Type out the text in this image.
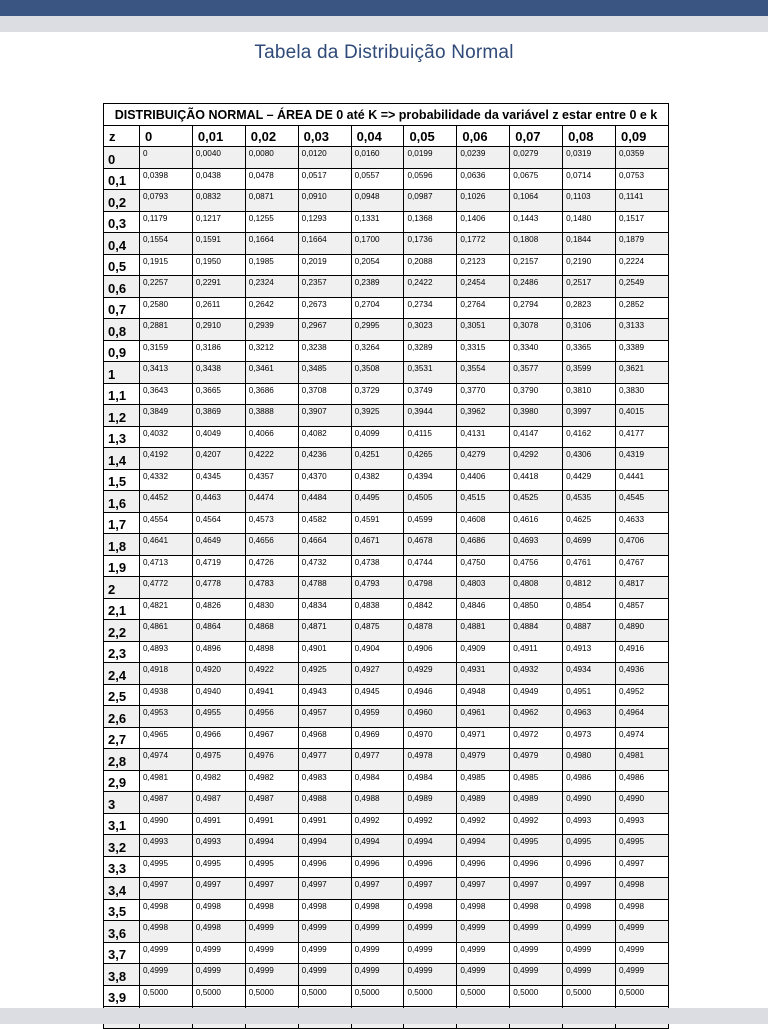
Tabela da Distribuição Normal
DISTRIBUIÇÃO NORMAL – ÁREA DE 0 até K => probabilidade da variável z estar entre 0 e k										
z	0	0,01	0,02	0,03	0,04	0,05	0,06	0,07	0,08	0,09
0	0	0,0040	0,0080	0,0120	0,0160	0,0199	0,0239	0,0279	0,0319	0,0359
0,1	0,0398	0,0438	0,0478	0,0517	0,0557	0,0596	0,0636	0,0675	0,0714	0,0753
0,2	0,0793	0,0832	0,0871	0,0910	0,0948	0,0987	0,1026	0,1064	0,1103	0,1141
0,3	0,1179	0,1217	0,1255	0,1293	0,1331	0,1368	0,1406	0,1443	0,1480	0,1517
0,4	0,1554	0,1591	0,1664	0,1664	0,1700	0,1736	0,1772	0,1808	0,1844	0,1879
0,5	0,1915	0,1950	0,1985	0,2019	0,2054	0,2088	0,2123	0,2157	0,2190	0,2224
0,6	0,2257	0,2291	0,2324	0,2357	0,2389	0,2422	0,2454	0,2486	0,2517	0,2549
0,7	0,2580	0,2611	0,2642	0,2673	0,2704	0,2734	0,2764	0,2794	0,2823	0,2852
0,8	0,2881	0,2910	0,2939	0,2967	0,2995	0,3023	0,3051	0,3078	0,3106	0,3133
0,9	0,3159	0,3186	0,3212	0,3238	0,3264	0,3289	0,3315	0,3340	0,3365	0,3389
1	0,3413	0,3438	0,3461	0,3485	0,3508	0,3531	0,3554	0,3577	0,3599	0,3621
1,1	0,3643	0,3665	0,3686	0,3708	0,3729	0,3749	0,3770	0,3790	0,3810	0,3830
1,2	0,3849	0,3869	0,3888	0,3907	0,3925	0,3944	0,3962	0,3980	0,3997	0,4015
1,3	0,4032	0,4049	0,4066	0,4082	0,4099	0,4115	0,4131	0,4147	0,4162	0,4177
1,4	0,4192	0,4207	0,4222	0,4236	0,4251	0,4265	0,4279	0,4292	0,4306	0,4319
1,5	0,4332	0,4345	0,4357	0,4370	0,4382	0,4394	0,4406	0,4418	0,4429	0,4441
1,6	0,4452	0,4463	0,4474	0,4484	0,4495	0,4505	0,4515	0,4525	0,4535	0,4545
1,7	0,4554	0,4564	0,4573	0,4582	0,4591	0,4599	0,4608	0,4616	0,4625	0,4633
1,8	0,4641	0,4649	0,4656	0,4664	0,4671	0,4678	0,4686	0,4693	0,4699	0,4706
1,9	0,4713	0,4719	0,4726	0,4732	0,4738	0,4744	0,4750	0,4756	0,4761	0,4767
2	0,4772	0,4778	0,4783	0,4788	0,4793	0,4798	0,4803	0,4808	0,4812	0,4817
2,1	0,4821	0,4826	0,4830	0,4834	0,4838	0,4842	0,4846	0,4850	0,4854	0,4857
2,2	0,4861	0,4864	0,4868	0,4871	0,4875	0,4878	0,4881	0,4884	0,4887	0,4890
2,3	0,4893	0,4896	0,4898	0,4901	0,4904	0,4906	0,4909	0,4911	0,4913	0,4916
2,4	0,4918	0,4920	0,4922	0,4925	0,4927	0,4929	0,4931	0,4932	0,4934	0,4936
2,5	0,4938	0,4940	0,4941	0,4943	0,4945	0,4946	0,4948	0,4949	0,4951	0,4952
2,6	0,4953	0,4955	0,4956	0,4957	0,4959	0,4960	0,4961	0,4962	0,4963	0,4964
2,7	0,4965	0,4966	0,4967	0,4968	0,4969	0,4970	0,4971	0,4972	0,4973	0,4974
2,8	0,4974	0,4975	0,4976	0,4977	0,4977	0,4978	0,4979	0,4979	0,4980	0,4981
2,9	0,4981	0,4982	0,4982	0,4983	0,4984	0,4984	0,4985	0,4985	0,4986	0,4986
3	0,4987	0,4987	0,4987	0,4988	0,4988	0,4989	0,4989	0,4989	0,4990	0,4990
3,1	0,4990	0,4991	0,4991	0,4991	0,4992	0,4992	0,4992	0,4992	0,4993	0,4993
3,2	0,4993	0,4993	0,4994	0,4994	0,4994	0,4994	0,4994	0,4995	0,4995	0,4995
3,3	0,4995	0,4995	0,4995	0,4996	0,4996	0,4996	0,4996	0,4996	0,4996	0,4997
3,4	0,4997	0,4997	0,4997	0,4997	0,4997	0,4997	0,4997	0,4997	0,4997	0,4998
3,5	0,4998	0,4998	0,4998	0,4998	0,4998	0,4998	0,4998	0,4998	0,4998	0,4998
3,6	0,4998	0,4998	0,4999	0,4999	0,4999	0,4999	0,4999	0,4999	0,4999	0,4999
3,7	0,4999	0,4999	0,4999	0,4999	0,4999	0,4999	0,4999	0,4999	0,4999	0,4999
3,8	0,4999	0,4999	0,4999	0,4999	0,4999	0,4999	0,4999	0,4999	0,4999	0,4999
3,9	0,5000	0,5000	0,5000	0,5000	0,5000	0,5000	0,5000	0,5000	0,5000	0,5000
